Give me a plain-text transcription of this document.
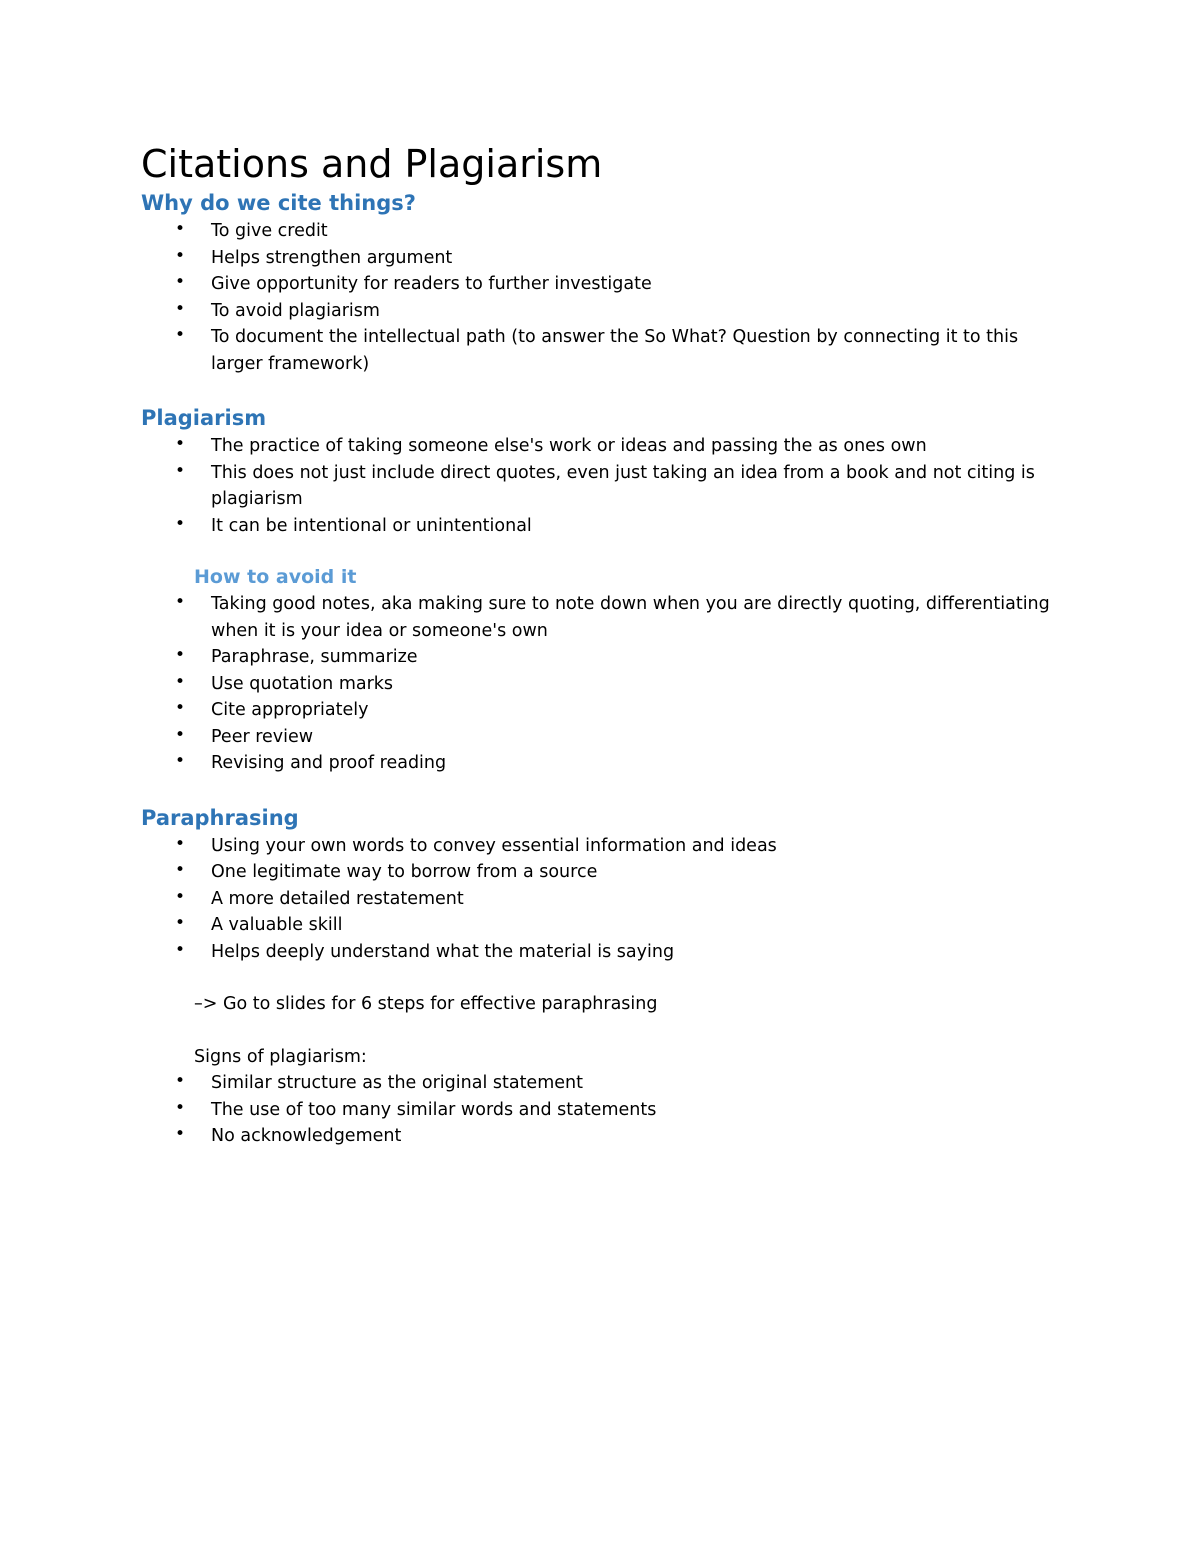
Citations and Plagiarism
Why do we cite things?
• To give credit
• Helps strengthen argument
• Give opportunity for readers to further investigate
• To avoid plagiarism
• To document the intellectual path (to answer the So What? Question by connecting it to this larger framework)
Plagiarism
• The practice of taking someone else's work or ideas and passing the as ones own
• This does not just include direct quotes, even just taking an idea from a book and not citing is plagiarism
• It can be intentional or unintentional
How to avoid it
• Taking good notes, aka making sure to note down when you are directly quoting, differentiating when it is your idea or someone's own
• Paraphrase, summarize
• Use quotation marks
• Cite appropriately
• Peer review
• Revising and proof reading
Paraphrasing
• Using your own words to convey essential information and ideas
• One legitimate way to borrow from a source
• A more detailed restatement
• A valuable skill
• Helps deeply understand what the material is saying
–> Go to slides for 6 steps for effective paraphrasing
Signs of plagiarism:
• Similar structure as the original statement
• The use of too many similar words and statements
• No acknowledgement
